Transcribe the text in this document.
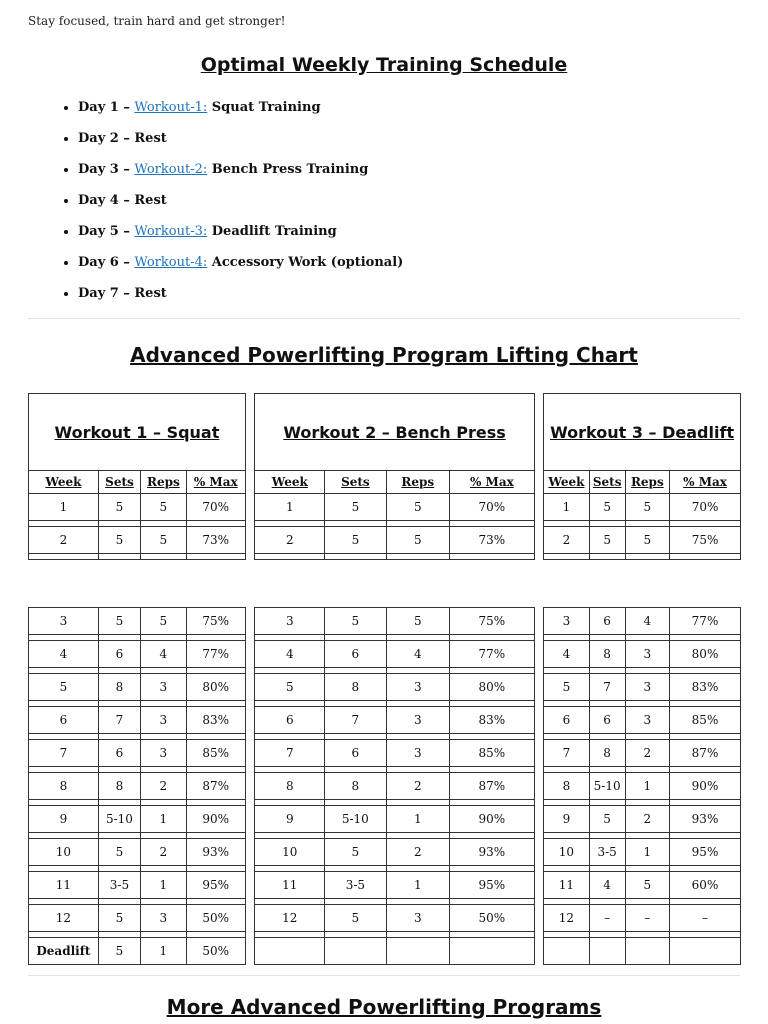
Stay focused, train hard and get stronger!
Optimal Weekly Training Schedule
• Day 1 – Workout-1: Squat Training
• Day 2 – Rest
• Day 3 – Workout-2: Bench Press Training
• Day 4 – Rest
• Day 5 – Workout-3: Deadlift Training
• Day 6 – Workout-4: Accessory Work (optional)
• Day 7 – Rest
Advanced Powerlifting Program Lifting Chart
Workout 1 – Squat					Workout 2 – Bench Press					Workout 3 – Deadlift			
Week	Sets	Reps	% Max		Week	Sets	Reps	% Max		Week	Sets	Reps	% Max
1	5	5	70%		1	5	5	70%		1	5	5	70%

2	5	5	73%		2	5	5	73%		2	5	5	75%

3	5	5	75%		3	5	5	75%		3	6	4	77%

4	6	4	77%		4	6	4	77%		4	8	3	80%

5	8	3	80%		5	8	3	80%		5	7	3	83%

6	7	3	83%		6	7	3	83%		6	6	3	85%

7	6	3	85%		7	6	3	85%		7	8	2	87%

8	8	2	87%		8	8	2	87%		8	5-10	1	90%

9	5-10	1	90%		9	5-10	1	90%		9	5	2	93%

10	5	2	93%		10	5	2	93%		10	3-5	1	95%

11	3-5	1	95%		11	3-5	1	95%		11	4	5	60%

12	5	3	50%		12	5	3	50%		12	–	–	–

Deadlift	5	1	50%										
More Advanced Powerlifting Programs
